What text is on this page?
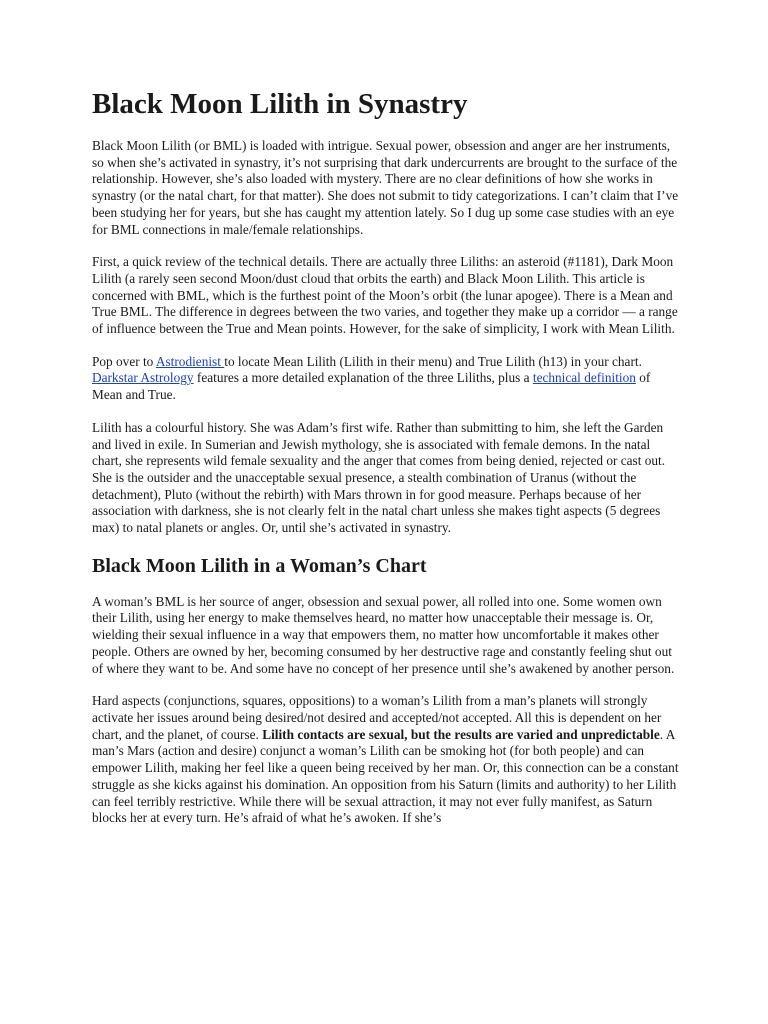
Black Moon Lilith in Synastry

Black Moon Lilith (or BML) is loaded with intrigue. Sexual power, obsession and anger are her instruments, so when she’s activated in synastry, it’s not surprising that dark undercurrents are brought to the surface of the relationship. However, she’s also loaded with mystery. There are no clear definitions of how she works in synastry (or the natal chart, for that matter). She does not submit to tidy categorizations. I can’t claim that I’ve been studying her for years, but she has caught my attention lately. So I dug up some case studies with an eye for BML connections in male/female relationships.

First, a quick review of the technical details. There are actually three Liliths: an asteroid (#1181), Dark Moon Lilith (a rarely seen second Moon/dust cloud that orbits the earth) and Black Moon Lilith. This article is concerned with BML, which is the furthest point of the Moon’s orbit (the lunar apogee). There is a Mean and True BML. The difference in degrees between the two varies, and together they make up a corridor — a range of influence between the True and Mean points. However, for the sake of simplicity, I work with Mean Lilith.

Pop over to Astrodienist to locate Mean Lilith (Lilith in their menu) and True Lilith (h13) in your chart. Darkstar Astrology features a more detailed explanation of the three Liliths, plus a technical definition of Mean and True.

Lilith has a colourful history. She was Adam’s first wife. Rather than submitting to him, she left the Garden and lived in exile. In Sumerian and Jewish mythology, she is associated with female demons. In the natal chart, she represents wild female sexuality and the anger that comes from being denied, rejected or cast out. She is the outsider and the unacceptable sexual presence, a stealth combination of Uranus (without the detachment), Pluto (without the rebirth) with Mars thrown in for good measure. Perhaps because of her association with darkness, she is not clearly felt in the natal chart unless she makes tight aspects (5 degrees max) to natal planets or angles. Or, until she’s activated in synastry.

Black Moon Lilith in a Woman’s Chart

A woman’s BML is her source of anger, obsession and sexual power, all rolled into one. Some women own their Lilith, using her energy to make themselves heard, no matter how unacceptable their message is. Or, wielding their sexual influence in a way that empowers them, no matter how uncomfortable it makes other people. Others are owned by her, becoming consumed by her destructive rage and constantly feeling shut out of where they want to be. And some have no concept of her presence until she’s awakened by another person.

Hard aspects (conjunctions, squares, oppositions) to a woman’s Lilith from a man’s planets will strongly activate her issues around being desired/not desired and accepted/not accepted. All this is dependent on her chart, and the planet, of course. Lilith contacts are sexual, but the results are varied and unpredictable. A man’s Mars (action and desire) conjunct a woman’s Lilith can be smoking hot (for both people) and can empower Lilith, making her feel like a queen being received by her man. Or, this connection can be a constant struggle as she kicks against his domination. An opposition from his Saturn (limits and authority) to her Lilith can feel terribly restrictive. While there will be sexual attraction, it may not ever fully manifest, as Saturn blocks her at every turn. He’s afraid of what he’s awoken. If she’s
